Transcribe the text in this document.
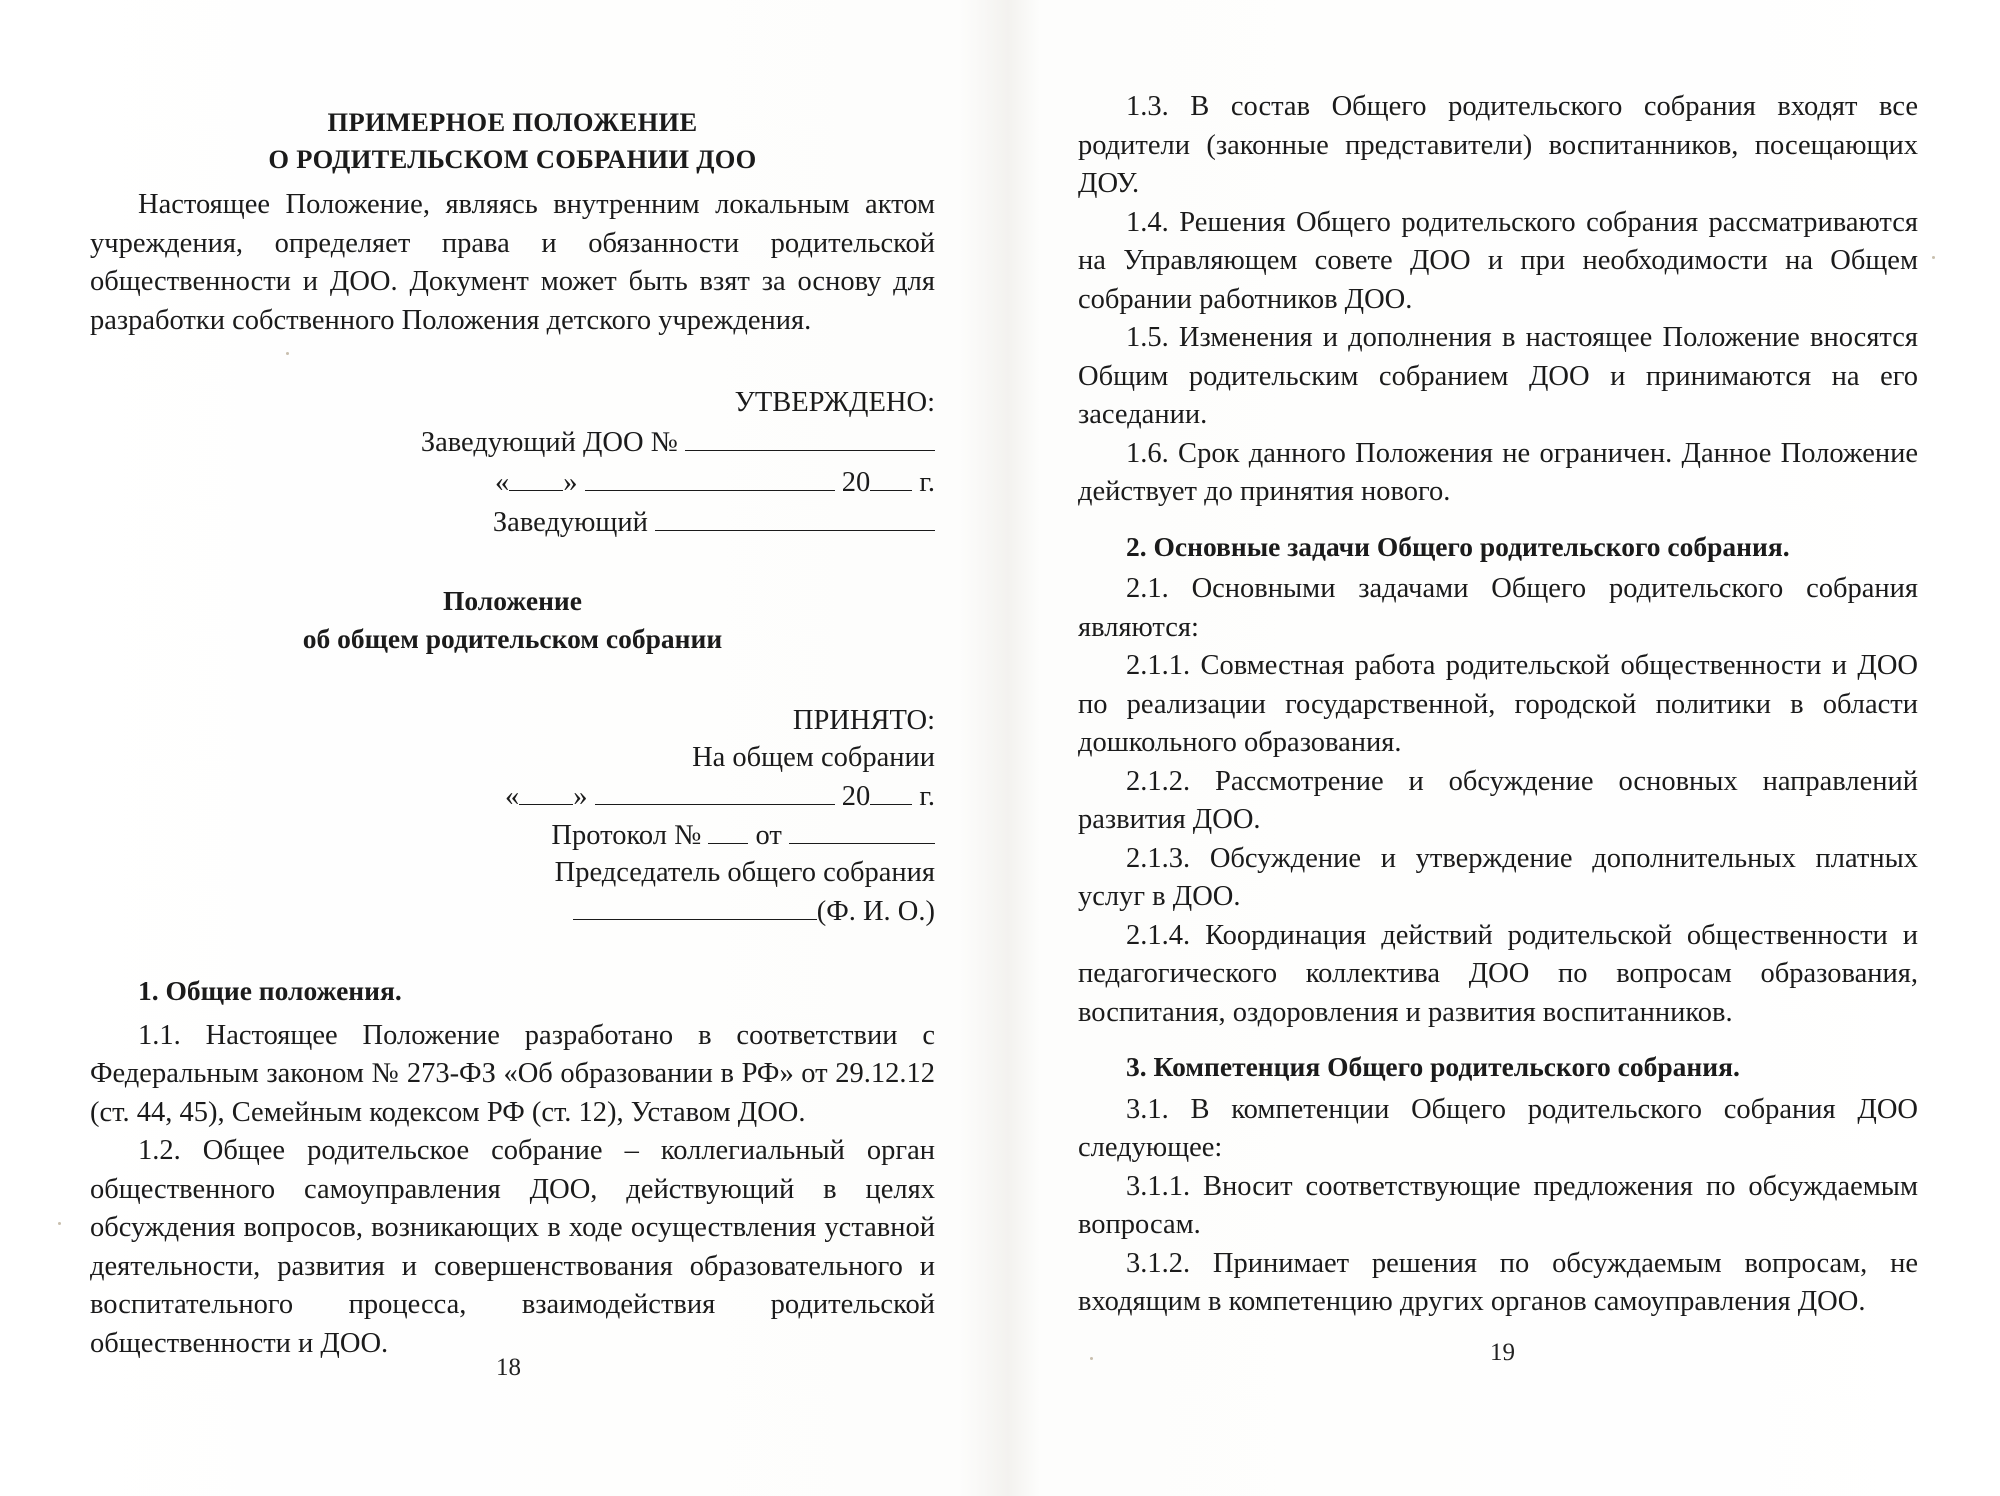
ПРИМЕРНОЕ ПОЛОЖЕНИЕ

О РОДИТЕЛЬСКОМ СОБРАНИИ ДОО

Настоящее Положение, являясь внутренним локальным актом учреждения, определяет права и обязанности родительской общественности и ДОО. Документ может быть взят за основу для разработки собственного Положения детского учреждения.

УТВЕРЖДЕНО:
Заведующий ДОО №
« »	20 г.
Заведующий

Положение

об общем родительском собрании

ПРИНЯТО:
На общем собрании
« »	20 г.
Протокол № от
Председатель общего собрания
(Ф. И. О.)

1. Общие положения.

1.1. Настоящее Положение разработано в соответствии с Федеральным законом № 273-ФЗ «Об образовании в РФ» от 29.12.12 (ст. 44, 45), Семейным кодексом РФ (ст. 12), Уставом ДОО.

1.2. Общее родительское собрание – коллегиальный орган общественного самоуправления ДОО, действующий в целях обсуждения вопросов, возникающих в ходе осуществления уставной деятельности, развития и совершенствования образовательного и воспитательного процесса, взаимодействия родительской общественности и ДОО.

18

1.3. В состав Общего родительского собрания входят все родители (законные представители) воспитанников, посещающих ДОУ.

1.4. Решения Общего родительского собрания рассматриваются на Управляющем совете ДОО и при необходимости на Общем собрании работников ДОО.

1.5. Изменения и дополнения в настоящее Положение вносятся Общим родительским собранием ДОО и принимаются на его заседании.

1.6. Срок данного Положения не ограничен. Данное Положение действует до принятия нового.

2. Основные задачи Общего родительского собрания.

2.1. Основными задачами Общего родительского собрания являются:

2.1.1. Совместная работа родительской общественности и ДОО по реализации государственной, городской политики в области дошкольного образования.

2.1.2. Рассмотрение и обсуждение основных направлений развития ДОО.

2.1.3. Обсуждение и утверждение дополнительных платных услуг в ДОО.

2.1.4. Координация действий родительской общественности и педагогического коллектива ДОО по вопросам образования, воспитания, оздоровления и развития воспитанников.

3. Компетенция Общего родительского собрания.

3.1. В компетенции Общего родительского собрания ДОО следующее:

3.1.1. Вносит соответствующие предложения по обсуждаемым вопросам.

3.1.2. Принимает решения по обсуждаемым вопросам, не входящим в компетенцию других органов самоуправления ДОО.

19
